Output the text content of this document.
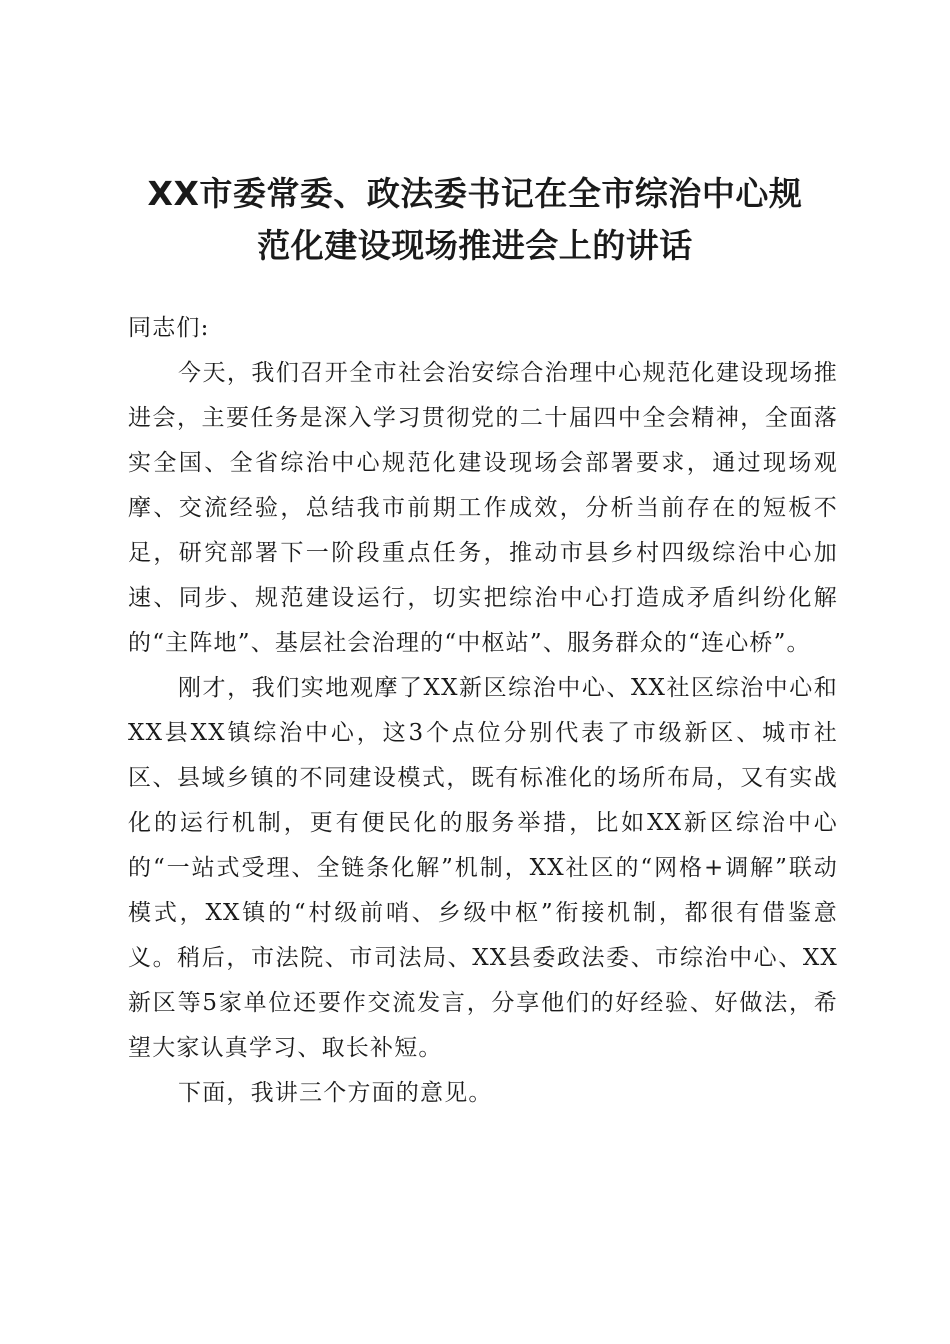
XX市委常委、政法委书记在全市综治中心规
范化建设现场推进会上的讲话

同志们:

今天，我们召开全市社会治安综合治理中心规范化建设现场推进会，主要任务是深入学习贯彻党的二十届四中全会精神，全面落实全国、全省综治中心规范化建设现场会部署要求，通过现场观摩、交流经验，总结我市前期工作成效，分析当前存在的短板不足，研究部署下一阶段重点任务，推动市县乡村四级综治中心加速、同步、规范建设运行，切实把综治中心打造成矛盾纠纷化解的“主阵地”、基层社会治理的“中枢站”、服务群众的“连心桥”。

刚才，我们实地观摩了XX新区综治中心、XX社区综治中心和XX县XX镇综治中心，这3个点位分别代表了市级新区、城市社区、县域乡镇的不同建设模式，既有标准化的场所布局，又有实战化的运行机制，更有便民化的服务举措，比如XX新区综治中心的“一站式受理、全链条化解”机制，XX社区的“网格+调解”联动模式，XX镇的“村级前哨、乡级中枢”衔接机制，都很有借鉴意义。稍后，市法院、市司法局、XX县委政法委、市综治中心、XX新区等5家单位还要作交流发言，分享他们的好经验、好做法，希望大家认真学习、取长补短。

下面，我讲三个方面的意见。
